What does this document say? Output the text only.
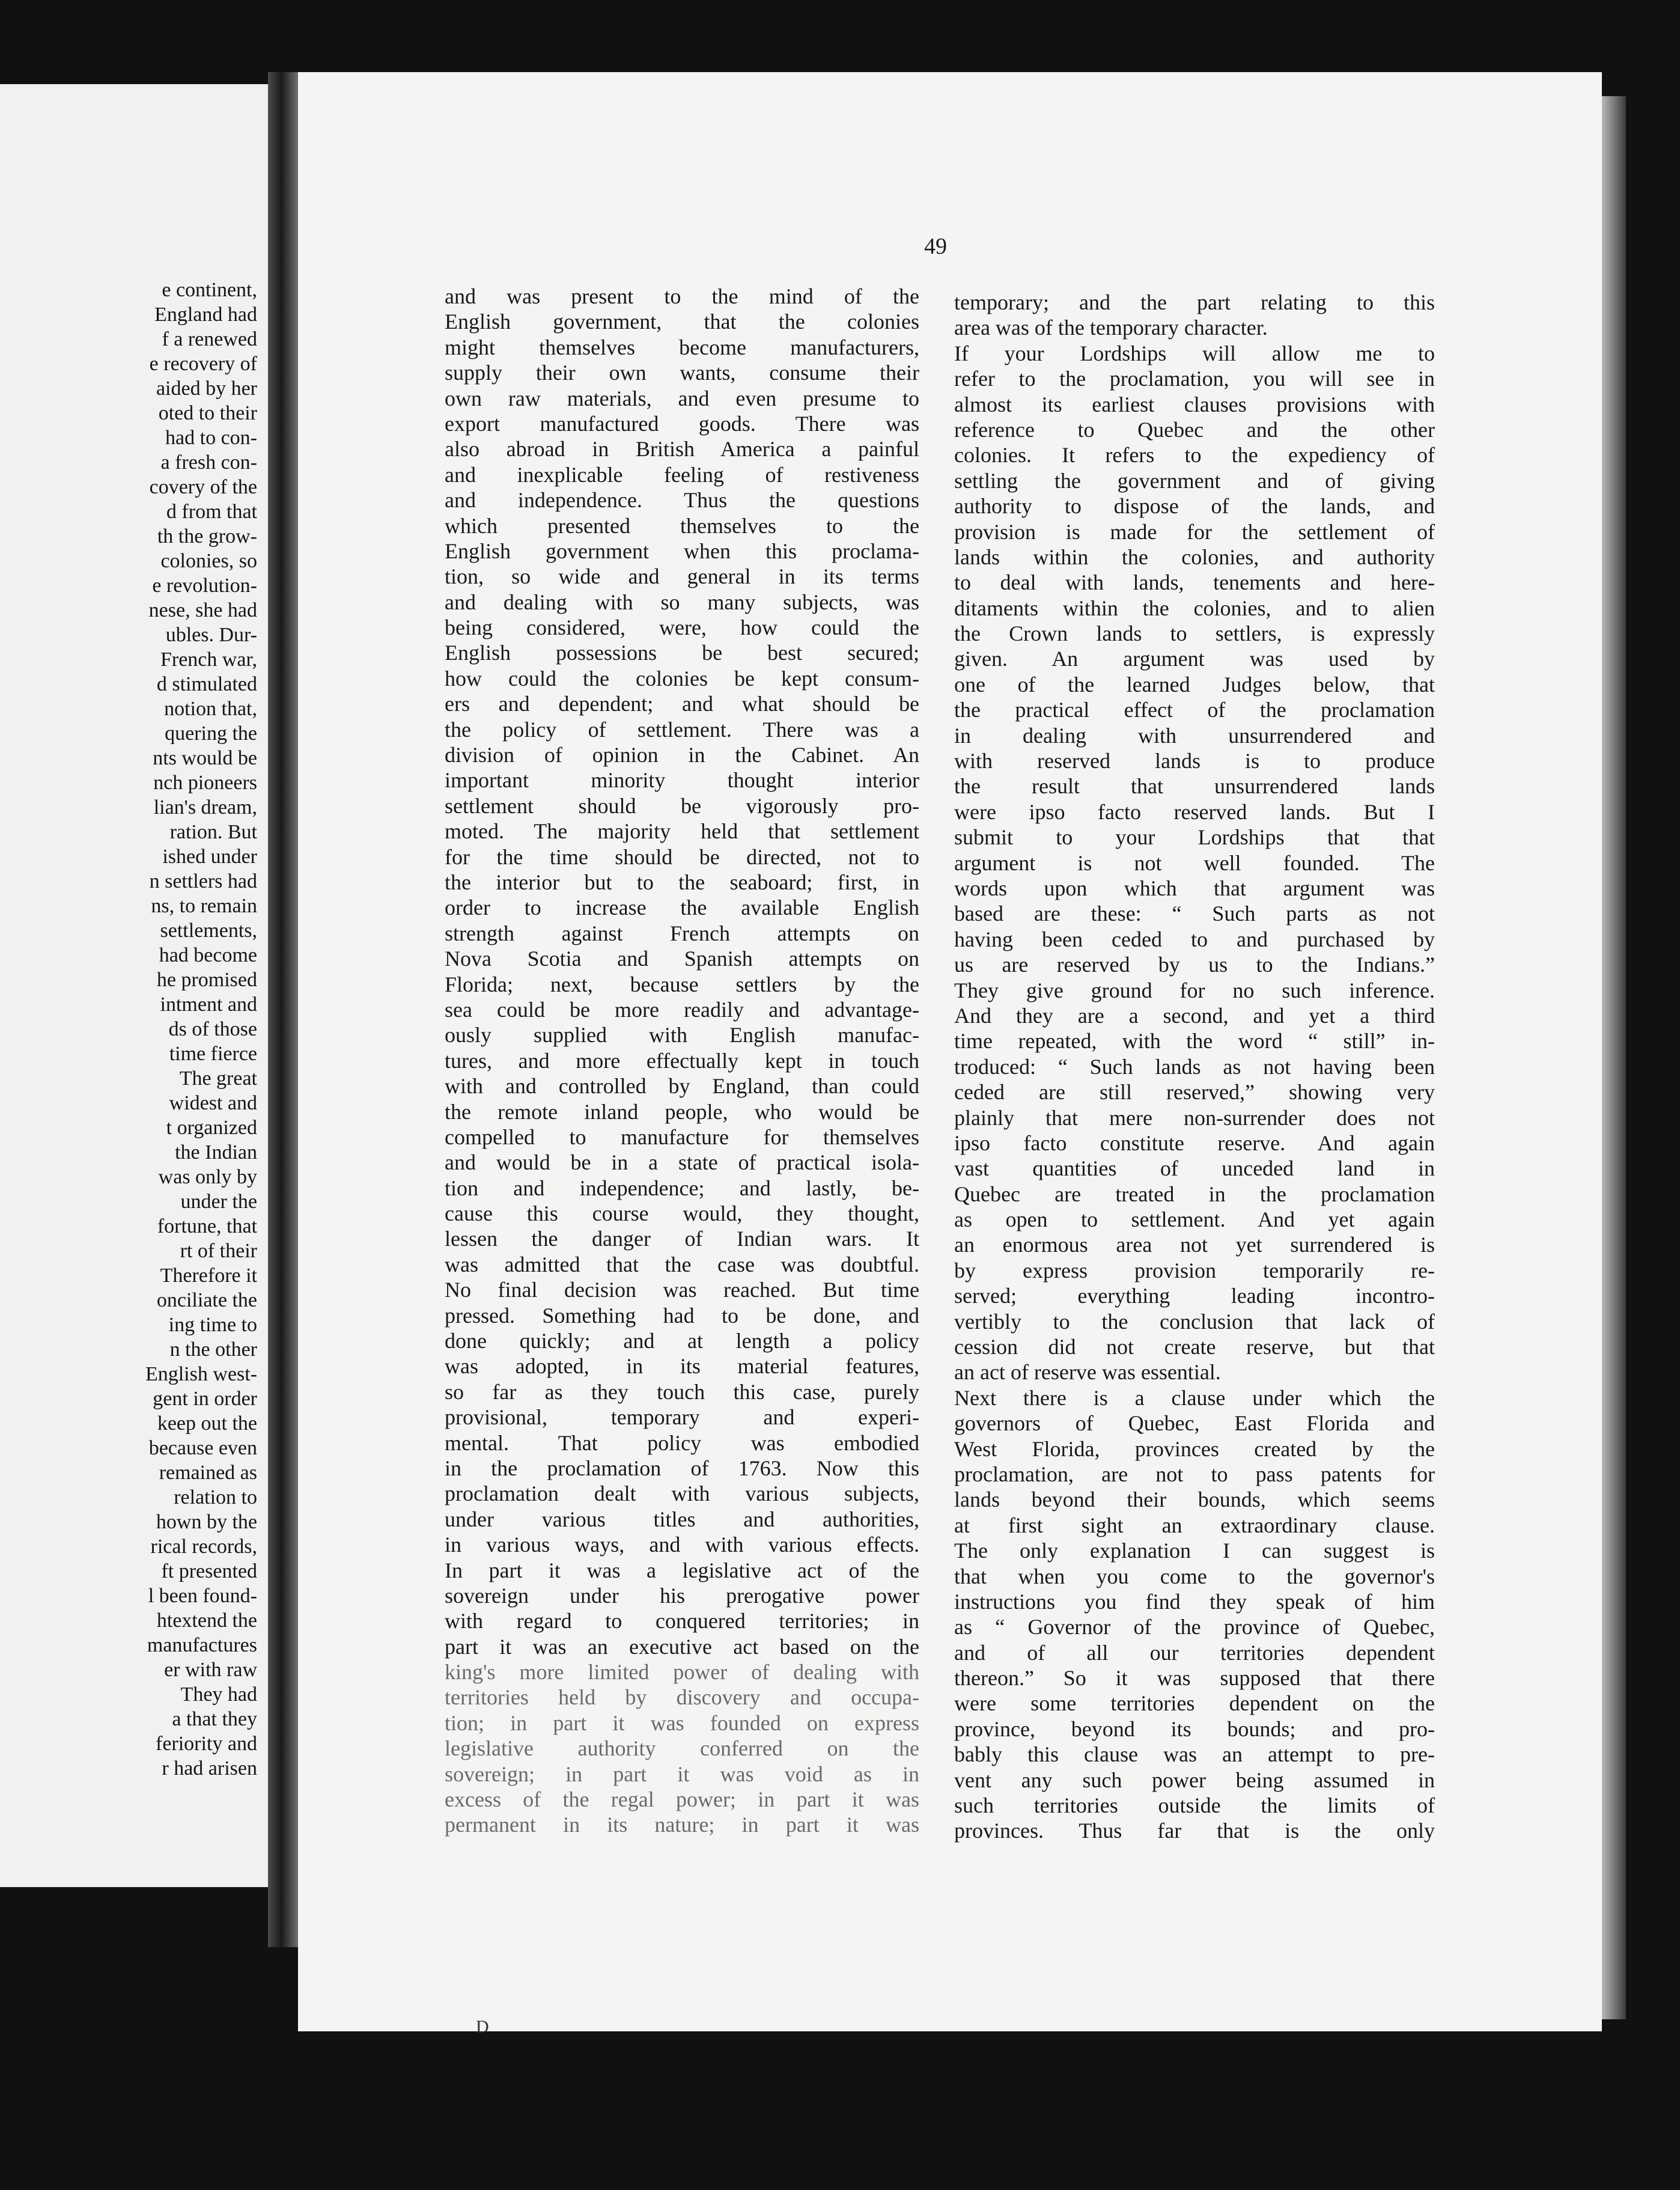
e continent,
England had
f a renewed
e recovery of
aided by her
oted to their
had to con-
a fresh con-
covery of the
d from that
th the grow-
colonies, so
e revolution-
nese, she had
ubles. Dur-
French war,
d stimulated
notion that,
quering the
nts would be
nch pioneers
lian's dream,
ration. But
ished under
n settlers had
ns, to remain
settlements,
had become
he promised
intment and
ds of those
time fierce
The great
widest and
t organized
the Indian
was only by
under the
fortune, that
rt of their
Therefore it
onciliate the
ing time to
n the other
English west-
gent in order
keep out the
because even
remained as
relation to
hown by the
rical records,
ft presented
l been found-
htextend the
manufactures
er with raw
They had
a that they
feriority and
r had arisen
49
and was present to the mind of the
English government, that the colonies
might themselves become manufacturers,
supply their own wants, consume their
own raw materials, and even presume to
export manufactured goods. There was
also abroad in British America a painful
and inexplicable feeling of restiveness
and independence. Thus the questions
which presented themselves to the
English government when this proclama-
tion, so wide and general in its terms
and dealing with so many subjects, was
being considered, were, how could the
English possessions be best secured;
how could the colonies be kept consum-
ers and dependent; and what should be
the policy of settlement. There was a
division of opinion in the Cabinet. An
important minority thought interior
settlement should be vigorously pro-
moted. The majority held that settlement
for the time should be directed, not to
the interior but to the seaboard; first, in
order to increase the available English
strength against French attempts on
Nova Scotia and Spanish attempts on
Florida; next, because settlers by the
sea could be more readily and advantage-
ously supplied with English manufac-
tures, and more effectually kept in touch
with and controlled by England, than could
the remote inland people, who would be
compelled to manufacture for themselves
and would be in a state of practical isola-
tion and independence; and lastly, be-
cause this course would, they thought,
lessen the danger of Indian wars. It
was admitted that the case was doubtful.
No final decision was reached. But time
pressed. Something had to be done, and
done quickly; and at length a policy
was adopted, in its material features,
so far as they touch this case, purely
provisional, temporary and experi-
mental. That policy was embodied
in the proclamation of 1763. Now this
proclamation dealt with various subjects,
under various titles and authorities,
in various ways, and with various effects.
In part it was a legislative act of the
sovereign under his prerogative power
with regard to conquered territories; in
part it was an executive act based on the
king's more limited power of dealing with
territories held by discovery and occupa-
tion; in part it was founded on express
legislative authority conferred on the
sovereign; in part it was void as in
excess of the regal power; in part it was
permanent in its nature; in part it was
temporary; and the part relating to this
area was of the temporary character.
If your Lordships will allow me to
refer to the proclamation, you will see in
almost its earliest clauses provisions with
reference to Quebec and the other
colonies. It refers to the expediency of
settling the government and of giving
authority to dispose of the lands, and
provision is made for the settlement of
lands within the colonies, and authority
to deal with lands, tenements and here-
ditaments within the colonies, and to alien
the Crown lands to settlers, is expressly
given. An argument was used by
one of the learned Judges below, that
the practical effect of the proclamation
in dealing with unsurrendered and
with reserved lands is to produce
the result that unsurrendered lands
were ipso facto reserved lands. But I
submit to your Lordships that that
argument is not well founded. The
words upon which that argument was
based are these: “ Such parts as not
having been ceded to and purchased by
us are reserved by us to the Indians.”
They give ground for no such inference.
And they are a second, and yet a third
time repeated, with the word “ still” in-
troduced: “ Such lands as not having been
ceded are still reserved,” showing very
plainly that mere non-surrender does not
ipso facto constitute reserve. And again
vast quantities of unceded land in
Quebec are treated in the proclamation
as open to settlement. And yet again
an enormous area not yet surrendered is
by express provision temporarily re-
served; everything leading incontro-
vertibly to the conclusion that lack of
cession did not create reserve, but that
an act of reserve was essential.
Next there is a clause under which the
governors of Quebec, East Florida and
West Florida, provinces created by the
proclamation, are not to pass patents for
lands beyond their bounds, which seems
at first sight an extraordinary clause.
The only explanation I can suggest is
that when you come to the governor's
instructions you find they speak of him
as “ Governor of the province of Quebec,
and of all our territories dependent
thereon.” So it was supposed that there
were some territories dependent on the
province, beyond its bounds; and pro-
bably this clause was an attempt to pre-
vent any such power being assumed in
such territories outside the limits of
provinces. Thus far that is the only
D
